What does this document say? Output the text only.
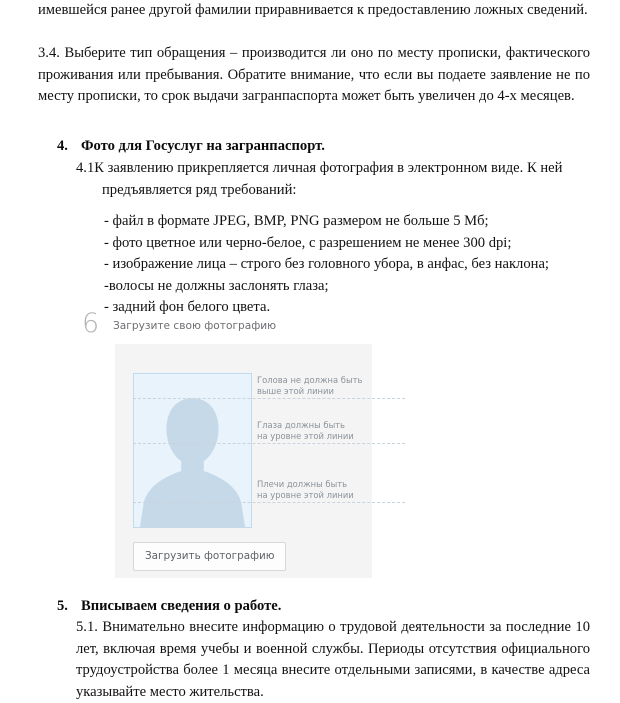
имевшейся ранее другой фамилии приравнивается к предоставлению ложных сведений.

3.4. Выберите тип обращения – производится ли оно по месту прописки, фактического проживания или пребывания. Обратите внимание, что если вы подаете заявление не по месту прописки, то срок выдачи загранпаспорта может быть увеличен до 4-х месяцев.

4. Фото для Госуслуг на загранпаспорт.
4.1К заявлению прикрепляется личная фотография в электронном виде. К ней
предъявляется ряд требований:
- файл в формате JPEG, BMP, PNG размером не больше 5 Мб;
- фото цветное или черно-белое, с разрешением не менее 300 dpi;
- изображение лица – строго без головного убора, в анфас, без наклона;
-волосы не должны заслонять глаза;
- задний фон белого цвета.
5. Вписываем сведения о работе.

5.1. Внимательно внесите информацию о трудовой деятельности за последние 10 лет, включая время учебы и военной службы. Периоды отсутствия официального трудоустройства более 1 месяца внесите отдельными записями, в качестве адреса указывайте место жительства.

6 Загрузите свою фотографию
Голова не должна быть
выше этой линии
Глаза должны быть
на уровне этой линии
Плечи должны быть
на уровне этой линии
Загрузить фотографию
